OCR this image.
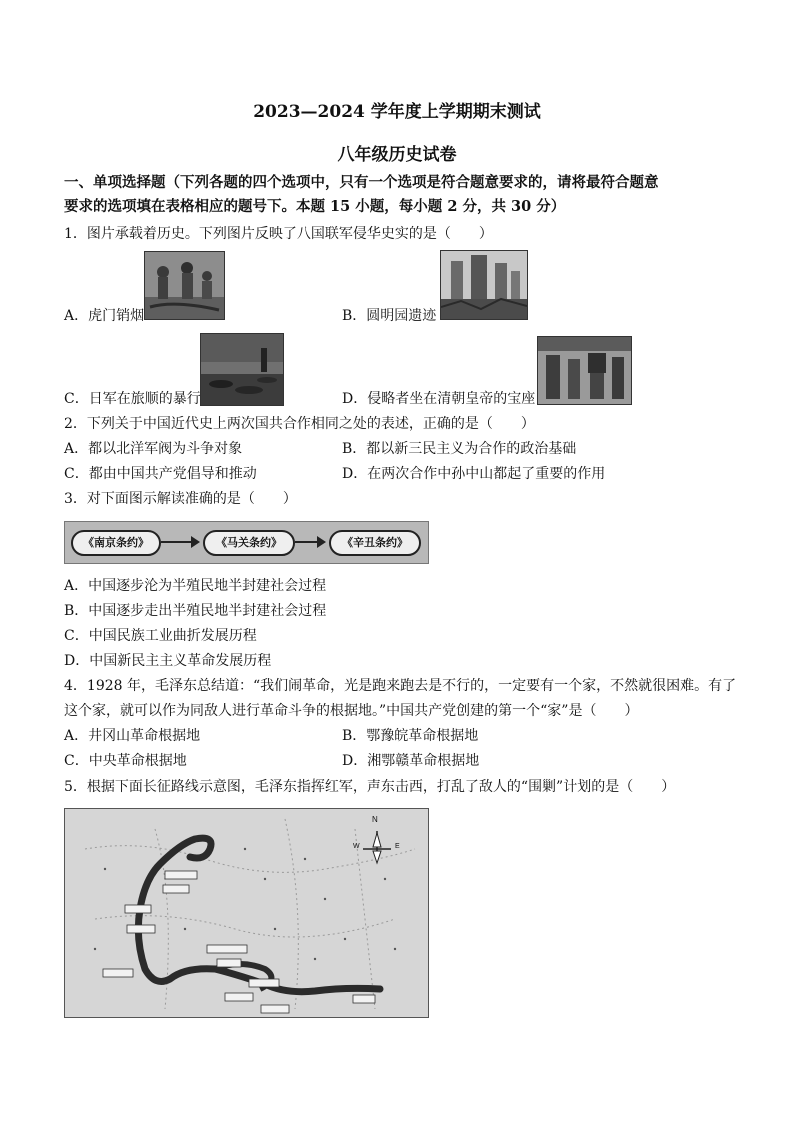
2023—2024 学年度上学期期末测试
八年级历史试卷
一、单项选择题（下列各题的四个选项中，只有一个选项是符合题意要求的，请将最符合题意
要求的选项填在表格相应的题号下。本题 15 小题，每小题 2 分，共 30 分）
1．图片承载着历史。下列图片反映了八国联军侵华史实的是（　　）
A．虎门销烟	B．圆明园遗迹
C．日军在旅顺的暴行	D．侵略者坐在清朝皇帝的宝座
2．下列关于中国近代史上两次国共合作相同之处的表述，正确的是（　　）
A．都以北洋军阀为斗争对象	B．都以新三民主义为合作的政治基础
C．都由中国共产党倡导和推动	D．在两次合作中孙中山都起了重要的作用
3．对下面图示解读准确的是（　　）
《南京条约》	《马关条约》	《辛丑条约》
A．中国逐步沦为半殖民地半封建社会过程
B．中国逐步走出半殖民地半封建社会过程
C．中国民族工业曲折发展历程
D．中国新民主主义革命发展历程
4．1928 年，毛泽东总结道：“我们闹革命，光是跑来跑去是不行的，一定要有一个家，不然就很困难。有了
这个家，就可以作为同敌人进行革命斗争的根据地。”中国共产党创建的第一个“家”是（　　）
A．井冈山革命根据地	B．鄂豫皖革命根据地
C．中央革命根据地	D．湘鄂赣革命根据地
5．根据下面长征路线示意图，毛泽东指挥红军，声东击西，打乱了敌人的“围剿”计划的是（　　）
N
W	E
